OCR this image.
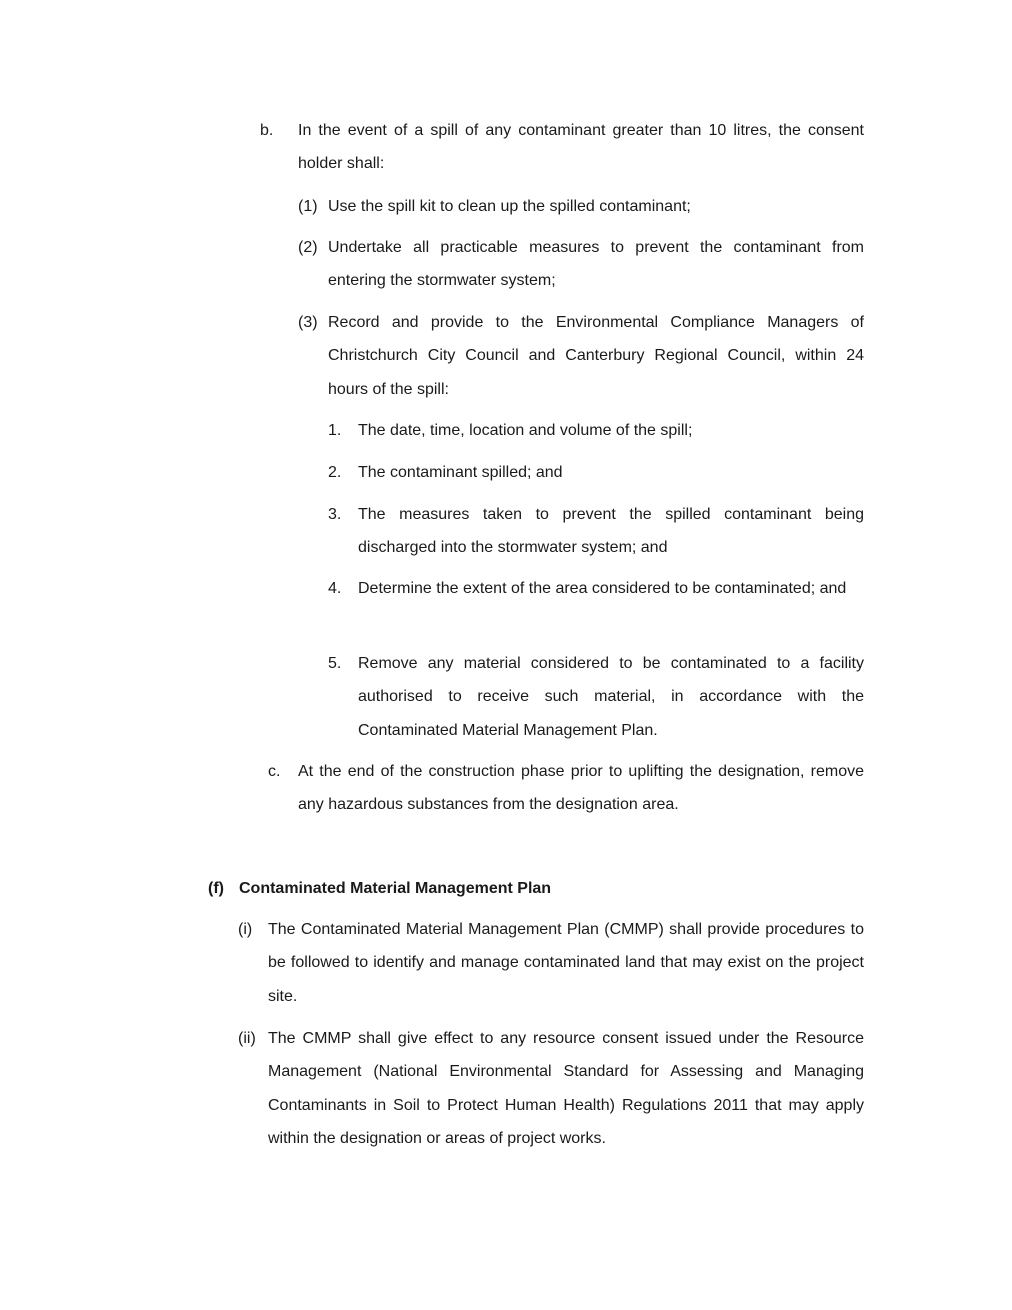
b.	In the event of a spill of any contaminant greater than 10 litres, the consent holder shall:
(1) Use the spill kit to clean up the spilled contaminant;
(2) Undertake all practicable measures to prevent the contaminant from entering the stormwater system;
(3) Record and provide to the Environmental Compliance Managers of Christchurch City Council and Canterbury Regional Council, within 24 hours of the spill:
1.	The date, time, location and volume of the spill;
2.	The contaminant spilled; and
3.	The measures taken to prevent the spilled contaminant being discharged into the stormwater system; and
4.	Determine the extent of the area considered to be contaminated; and
5.	Remove any material considered to be contaminated to a facility authorised to receive such material, in accordance with the Contaminated Material Management Plan.
c.	At the end of the construction phase prior to uplifting the designation, remove any hazardous substances from the designation area.
(f) Contaminated Material Management Plan
(i) The Contaminated Material Management Plan (CMMP) shall provide procedures to be followed to identify and manage contaminated land that may exist on the project site.
(ii) The CMMP shall give effect to any resource consent issued under the Resource Management (National Environmental Standard for Assessing and Managing Contaminants in Soil to Protect Human Health) Regulations 2011 that may apply within the designation or areas of project works.
